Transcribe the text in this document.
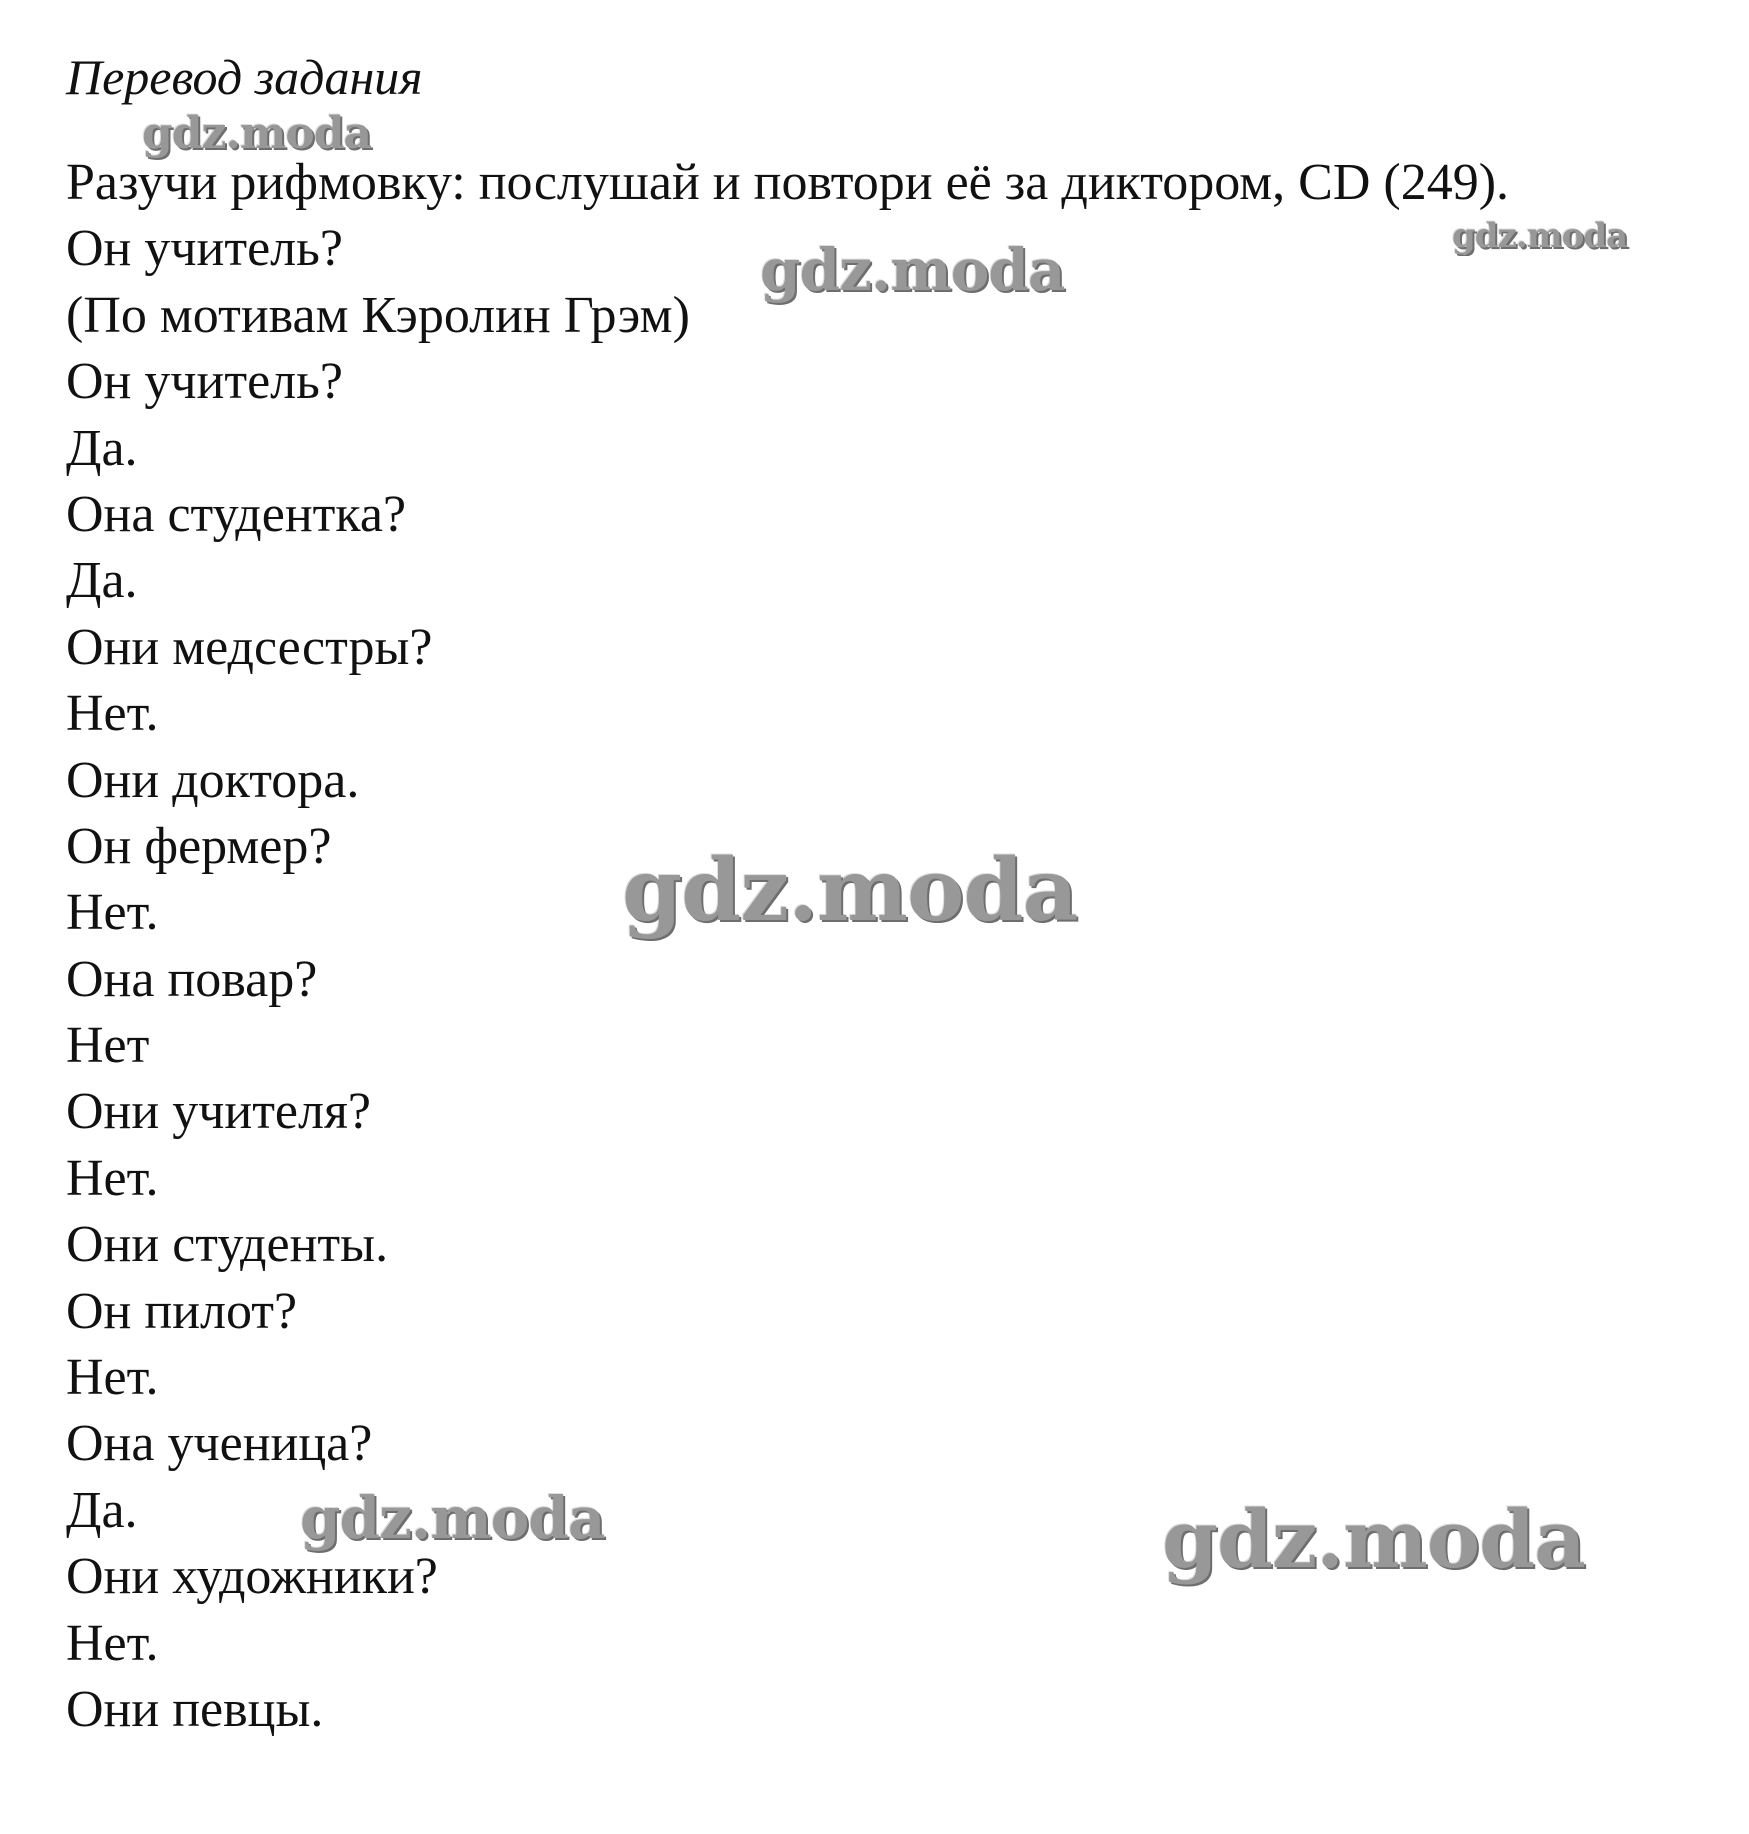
Перевод задания
Разучи рифмовку: послушай и повтори её за диктором, CD (249).
Он учитель?
(По мотивам Кэролин Грэм)
Он учитель?
Да.
Она студентка?
Да.
Они медсестры?
Нет.
Они доктора.
Он фермер?
Нет.
Она повар?
Нет
Они учителя?
Нет.
Они студенты.
Он пилот?
Нет.
Она ученица?
Да.
Они художники?
Нет.
Они певцы.
gdz.moda
gdz.moda
gdz.moda
gdz.moda
gdz.moda	gdz.moda
